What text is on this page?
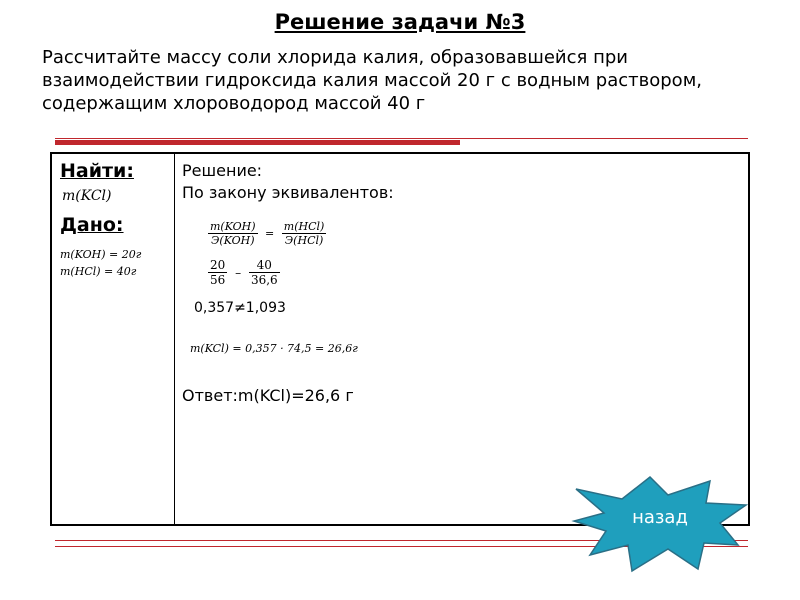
Решение задачи №3
Рассчитайте массу соли хлорида калия, образовавшейся при взаимодействии гидроксида калия массой 20 г с водным раствором, содержащим хлороводород массой 40 г
Найти:
m(KCl)
Дано:
m(KOH) = 20г
m(HCl) = 40г
Решение:
По закону эквивалентов:
$\frac{\text{m(KOH)}}{\text{Э(KOH)}} = \frac{\text{m(HCl)}}{\text{Э(HCl)}}$
$\frac{20}{56} - \frac{40}{36,6}$
0,357≠1,093
m(KCl) = 0,357 · 74,5 = 26,6г
Ответ:m(KCl)=26,6 г
назад
